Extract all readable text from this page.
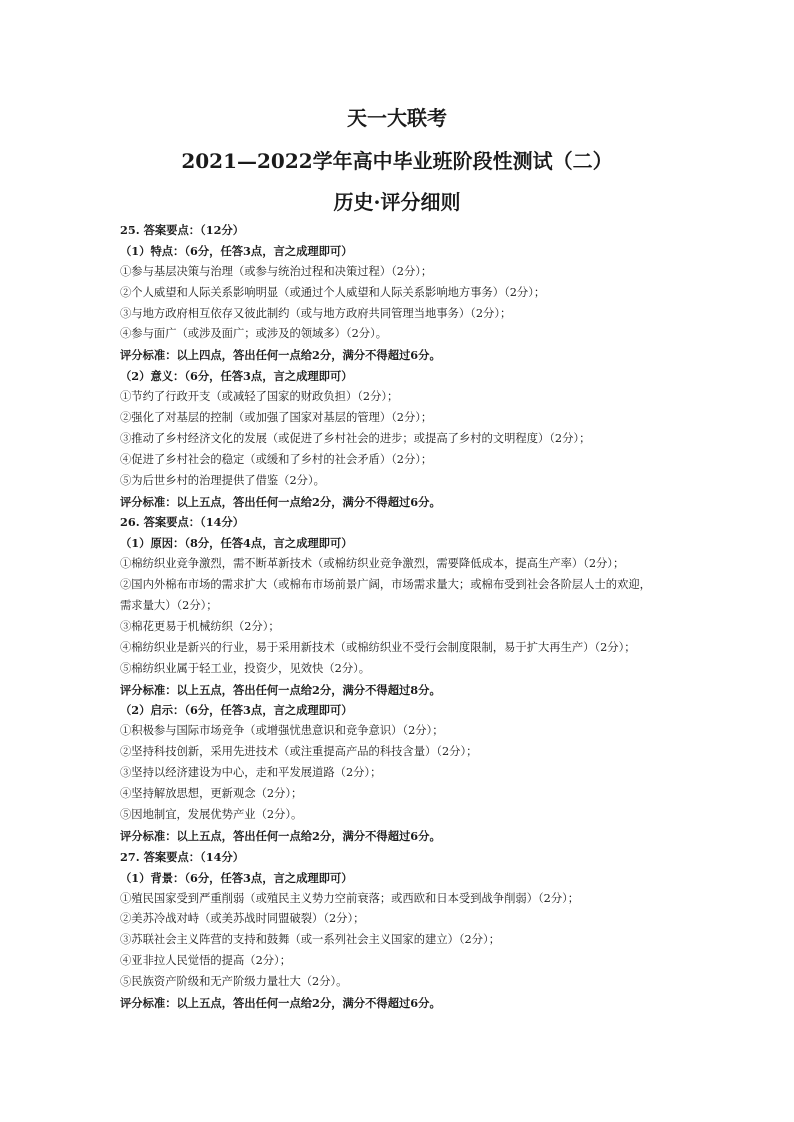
天一大联考
2021—2022学年高中毕业班阶段性测试（二）
历史·评分细则
25. 答案要点：（12分）
（1）特点：（6分，任答3点，言之成理即可）
①参与基层决策与治理（或参与统治过程和决策过程）（2分）；
②个人威望和人际关系影响明显（或通过个人威望和人际关系影响地方事务）（2分）；
③与地方政府相互依存又彼此制约（或与地方政府共同管理当地事务）（2分）；
④参与面广（或涉及面广；或涉及的领域多）（2分）。
评分标准：以上四点，答出任何一点给2分，满分不得超过6分。
（2）意义：（6分，任答3点，言之成理即可）
①节约了行政开支（或减轻了国家的财政负担）（2分）；
②强化了对基层的控制（或加强了国家对基层的管理）（2分）；
③推动了乡村经济文化的发展（或促进了乡村社会的进步；或提高了乡村的文明程度）（2分）；
④促进了乡村社会的稳定（或缓和了乡村的社会矛盾）（2分）；
⑤为后世乡村的治理提供了借鉴（2分）。
评分标准：以上五点，答出任何一点给2分，满分不得超过6分。
26. 答案要点：（14分）
（1）原因：（8分，任答4点，言之成理即可）
①棉纺织业竞争激烈，需不断革新技术（或棉纺织业竞争激烈，需要降低成本，提高生产率）（2分）；
②国内外棉布市场的需求扩大（或棉布市场前景广阔，市场需求量大；或棉布受到社会各阶层人士的欢迎，
需求量大）（2分）；
③棉花更易于机械纺织（2分）；
④棉纺织业是新兴的行业，易于采用新技术（或棉纺织业不受行会制度限制，易于扩大再生产）（2分）；
⑤棉纺织业属于轻工业，投资少，见效快（2分）。
评分标准：以上五点，答出任何一点给2分，满分不得超过8分。
（2）启示：（6分，任答3点，言之成理即可）
①积极参与国际市场竞争（或增强忧患意识和竞争意识）（2分）；
②坚持科技创新，采用先进技术（或注重提高产品的科技含量）（2分）；
③坚持以经济建设为中心，走和平发展道路（2分）；
④坚持解放思想，更新观念（2分）；
⑤因地制宜，发展优势产业（2分）。
评分标准：以上五点，答出任何一点给2分，满分不得超过6分。
27. 答案要点：（14分）
（1）背景：（6分，任答3点，言之成理即可）
①殖民国家受到严重削弱（或殖民主义势力空前衰落；或西欧和日本受到战争削弱）（2分）；
②美苏冷战对峙（或美苏战时同盟破裂）（2分）；
③苏联社会主义阵营的支持和鼓舞（或一系列社会主义国家的建立）（2分）；
④亚非拉人民觉悟的提高（2分）；
⑤民族资产阶级和无产阶级力量壮大（2分）。
评分标准：以上五点，答出任何一点给2分，满分不得超过6分。
